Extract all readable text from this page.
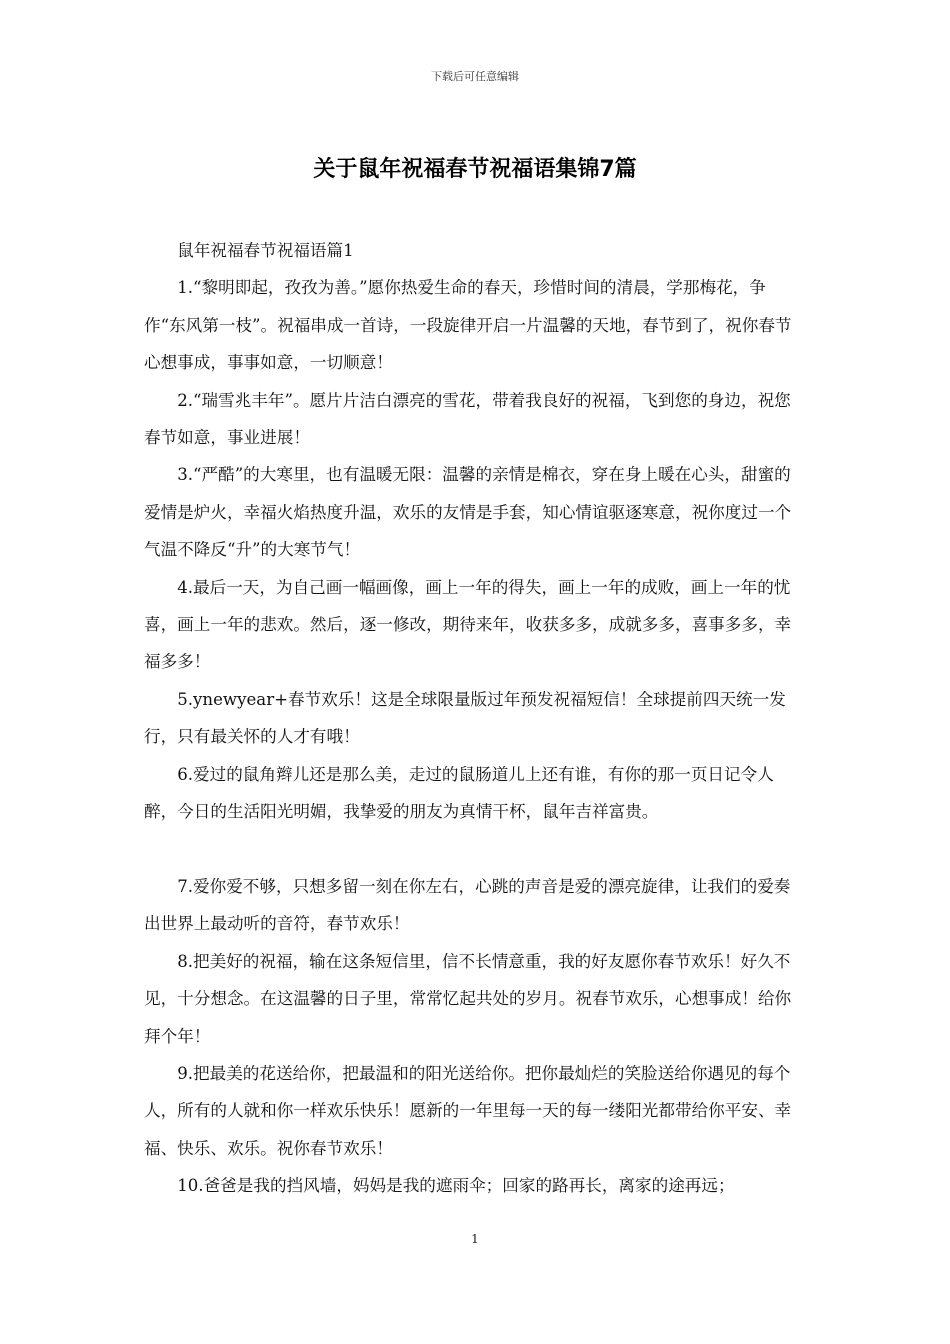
下载后可任意编辑
关于鼠年祝福春节祝福语集锦7篇

鼠年祝福春节祝福语篇1

1.“黎明即起，孜孜为善。”愿你热爱生命的春天，珍惜时间的清晨，学那梅花，争作“东风第一枝”。祝福串成一首诗，一段旋律开启一片温馨的天地，春节到了，祝你春节心想事成，事事如意，一切顺意！

2.“瑞雪兆丰年”。愿片片洁白漂亮的雪花，带着我良好的祝福，飞到您的身边，祝您春节如意，事业进展！

3.“严酷”的大寒里，也有温暖无限：温馨的亲情是棉衣，穿在身上暖在心头，甜蜜的爱情是炉火，幸福火焰热度升温，欢乐的友情是手套，知心情谊驱逐寒意，祝你度过一个气温不降反“升”的大寒节气！

4.最后一天，为自己画一幅画像，画上一年的得失，画上一年的成败，画上一年的忧喜，画上一年的悲欢。然后，逐一修改，期待来年，收获多多，成就多多，喜事多多，幸福多多！

5.ynewyear+春节欢乐！这是全球限量版过年预发祝福短信！全球提前四天统一发行，只有最关怀的人才有哦！

6.爱过的鼠角辫儿还是那么美，走过的鼠肠道儿上还有谁，有你的那一页日记令人醉，今日的生活阳光明媚，我挚爱的朋友为真情干杯，鼠年吉祥富贵。

7.爱你爱不够，只想多留一刻在你左右，心跳的声音是爱的漂亮旋律，让我们的爱奏出世界上最动听的音符，春节欢乐！

8.把美好的祝福，输在这条短信里，信不长情意重，我的好友愿你春节欢乐！好久不见，十分想念。在这温馨的日子里，常常忆起共处的岁月。祝春节欢乐，心想事成！给你拜个年！

9.把最美的花送给你，把最温和的阳光送给你。把你最灿烂的笑脸送给你遇见的每个人，所有的人就和你一样欢乐快乐！愿新的一年里每一天的每一缕阳光都带给你平安、幸福、快乐、欢乐。祝你春节欢乐！

10.爸爸是我的挡风墙，妈妈是我的遮雨伞；回家的路再长，离家的途再远；

1
